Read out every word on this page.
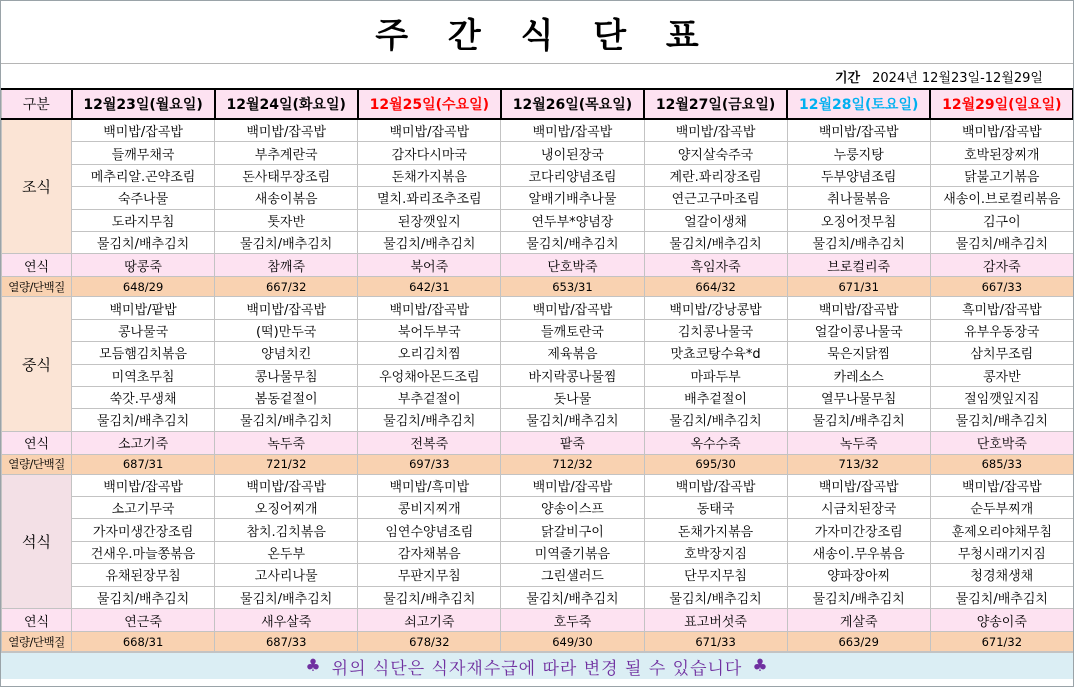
주 간 식 단 표
기간 2024년 12월23일-12월29일
구분	12월23일(월요일)	12월24일(화요일)	12월25일(수요일)	12월26일(목요일)	12월27일(금요일)	12월28일(토요일)	12월29일(일요일)
조식	백미밥/잡곡밥	백미밥/잡곡밥	백미밥/잡곡밥	백미밥/잡곡밥	백미밥/잡곡밥	백미밥/잡곡밥	백미밥/잡곡밥
	들깨무채국	부추계란국	감자다시마국	냉이된장국	양지살숙주국	누룽지탕	호박된장찌개
	메추리알.곤약조림	돈사태무장조림	돈채가지볶음	코다리양념조림	계란.꽈리장조림	두부양념조림	닭불고기볶음
	숙주나물	새송이볶음	멸치.꽈리조추조림	알배기배추나물	연근고구마조림	취나물볶음	새송이.브로컬리볶음
	도라지무침	톳자반	된장깻잎지	연두부*양념장	얼갈이생채	오징어젓무침	김구이
	물김치/배추김치	물김치/배추김치	물김치/배추김치	물김치/배추김치	물김치/배추김치	물김치/배추김치	물김치/배추김치
연식	땅콩죽	참깨죽	북어죽	단호박죽	흑임자죽	브로컬리죽	감자죽
열량/단백질	648/29	667/32	642/31	653/31	664/32	671/31	667/33
중식	백미밥/팥밥	백미밥/잡곡밥	백미밥/잡곡밥	백미밥/잡곡밥	백미밥/강낭콩밥	백미밥/잡곡밥	흑미밥/잡곡밥
	콩나물국	(떡)만두국	북어두부국	들깨토란국	김치콩나물국	얼갈이콩나물국	유부우동장국
	모듬햄김치볶음	양념치킨	오리김치찜	제육볶음	맛쵸코탕수육*d	묵은지닭찜	삼치무조림
	미역초무침	콩나물무침	우엉채아몬드조림	바지락콩나물찜	마파두부	카레소스	콩자반
	쑥갓.무생채	봄동겉절이	부추겉절이	돗나물	배추겉절이	열무나물무침	절임깻잎지짐
	물김치/배추김치	물김치/배추김치	물김치/배추김치	물김치/배추김치	물김치/배추김치	물김치/배추김치	물김치/배추김치
연식	소고기죽	녹두죽	전복죽	팥죽	옥수수죽	녹두죽	단호박죽
열량/단백질	687/31	721/32	697/33	712/32	695/30	713/32	685/33
석식	백미밥/잡곡밥	백미밥/잡곡밥	백미밥/흑미밥	백미밥/잡곡밥	백미밥/잡곡밥	백미밥/잡곡밥	백미밥/잡곡밥
	소고기무국	오징어찌개	콩비지찌개	양송이스프	동태국	시금치된장국	순두부찌개
	가자미생간장조림	참치.김치볶음	임연수양념조림	닭갈비구이	돈채가지볶음	가자미간장조림	훈제오리야채무침
	건새우.마늘쫑볶음	온두부	감자채볶음	미역줄기볶음	호박장지짐	새송이.무우볶음	무청시래기지짐
	유채된장무침	고사리나물	무판지무침	그린샐러드	단무지무침	양파장아찌	청경채생채
	물김치/배추김치	물김치/배추김치	물김치/배추김치	물김치/배추김치	물김치/배추김치	물김치/배추김치	물김치/배추김치
연식	연근죽	새우살죽	쇠고기죽	호두죽	표고버섯죽	게살죽	양송이죽
열량/단백질	668/31	687/33	678/32	649/30	671/33	663/29	671/32
♣ 위의 식단은 식자재수급에 따라 변경 될 수 있습니다 ♣
